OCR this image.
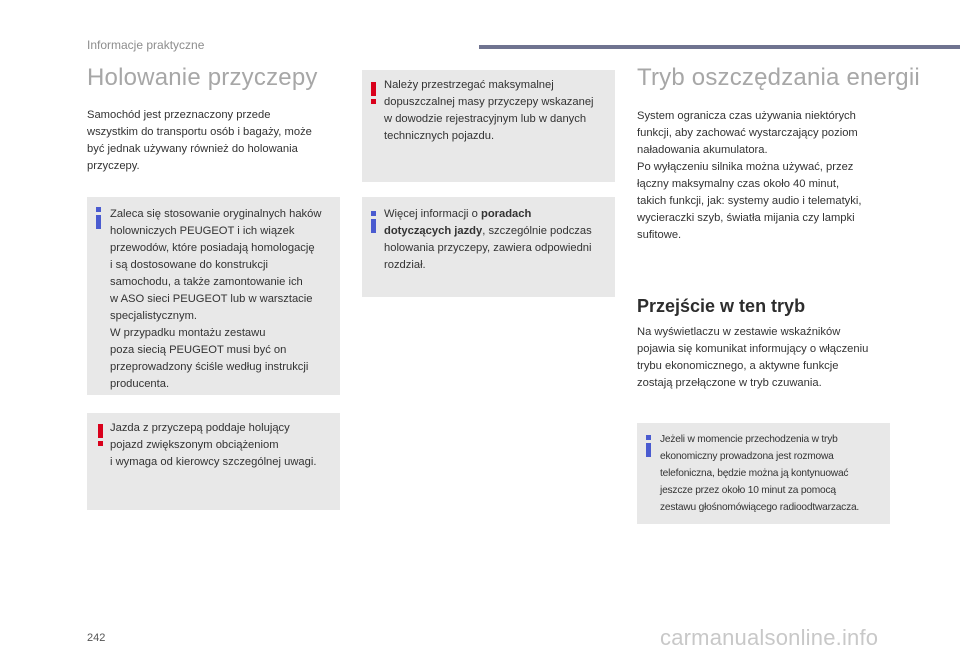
Informacje praktyczne
Holowanie przyczepy
Samochód jest przeznaczony przede
wszystkim do transportu osób i bagaży, może
być jednak używany również do holowania
przyczepy.
Zaleca się stosowanie oryginalnych haków
holowniczych PEUGEOT i ich wiązek
przewodów, które posiadają homologację
i są dostosowane do konstrukcji
samochodu, a także zamontowanie ich
w ASO sieci PEUGEOT lub w warsztacie
specjalistycznym.
W przypadku montażu zestawu
poza siecią PEUGEOT musi być on
przeprowadzony ściśle według instrukcji
producenta.
Jazda z przyczepą poddaje holujący
pojazd zwiększonym obciążeniom
i wymaga od kierowcy szczególnej uwagi.
Należy przestrzegać maksymalnej
dopuszczalnej masy przyczepy wskazanej
w dowodzie rejestracyjnym lub w danych
technicznych pojazdu.
Więcej informacji o poradach
dotyczących jazdy, szczególnie podczas
holowania przyczepy, zawiera odpowiedni
rozdział.
Tryb oszczędzania energii
System ogranicza czas używania niektórych
funkcji, aby zachować wystarczający poziom
naładowania akumulatora.
Po wyłączeniu silnika można używać, przez
łączny maksymalny czas około 40 minut,
takich funkcji, jak: systemy audio i telematyki,
wycieraczki szyb, światła mijania czy lampki
sufitowe.
Przejście w ten tryb
Na wyświetlaczu w zestawie wskaźników
pojawia się komunikat informujący o włączeniu
trybu ekonomicznego, a aktywne funkcje
zostają przełączone w tryb czuwania.
Jeżeli w momencie przechodzenia w tryb
ekonomiczny prowadzona jest rozmowa
telefoniczna, będzie można ją kontynuować
jeszcze przez około 10 minut za pomocą
zestawu głośnomówiącego radioodtwarzacza.
242	carmanualsonline.info
